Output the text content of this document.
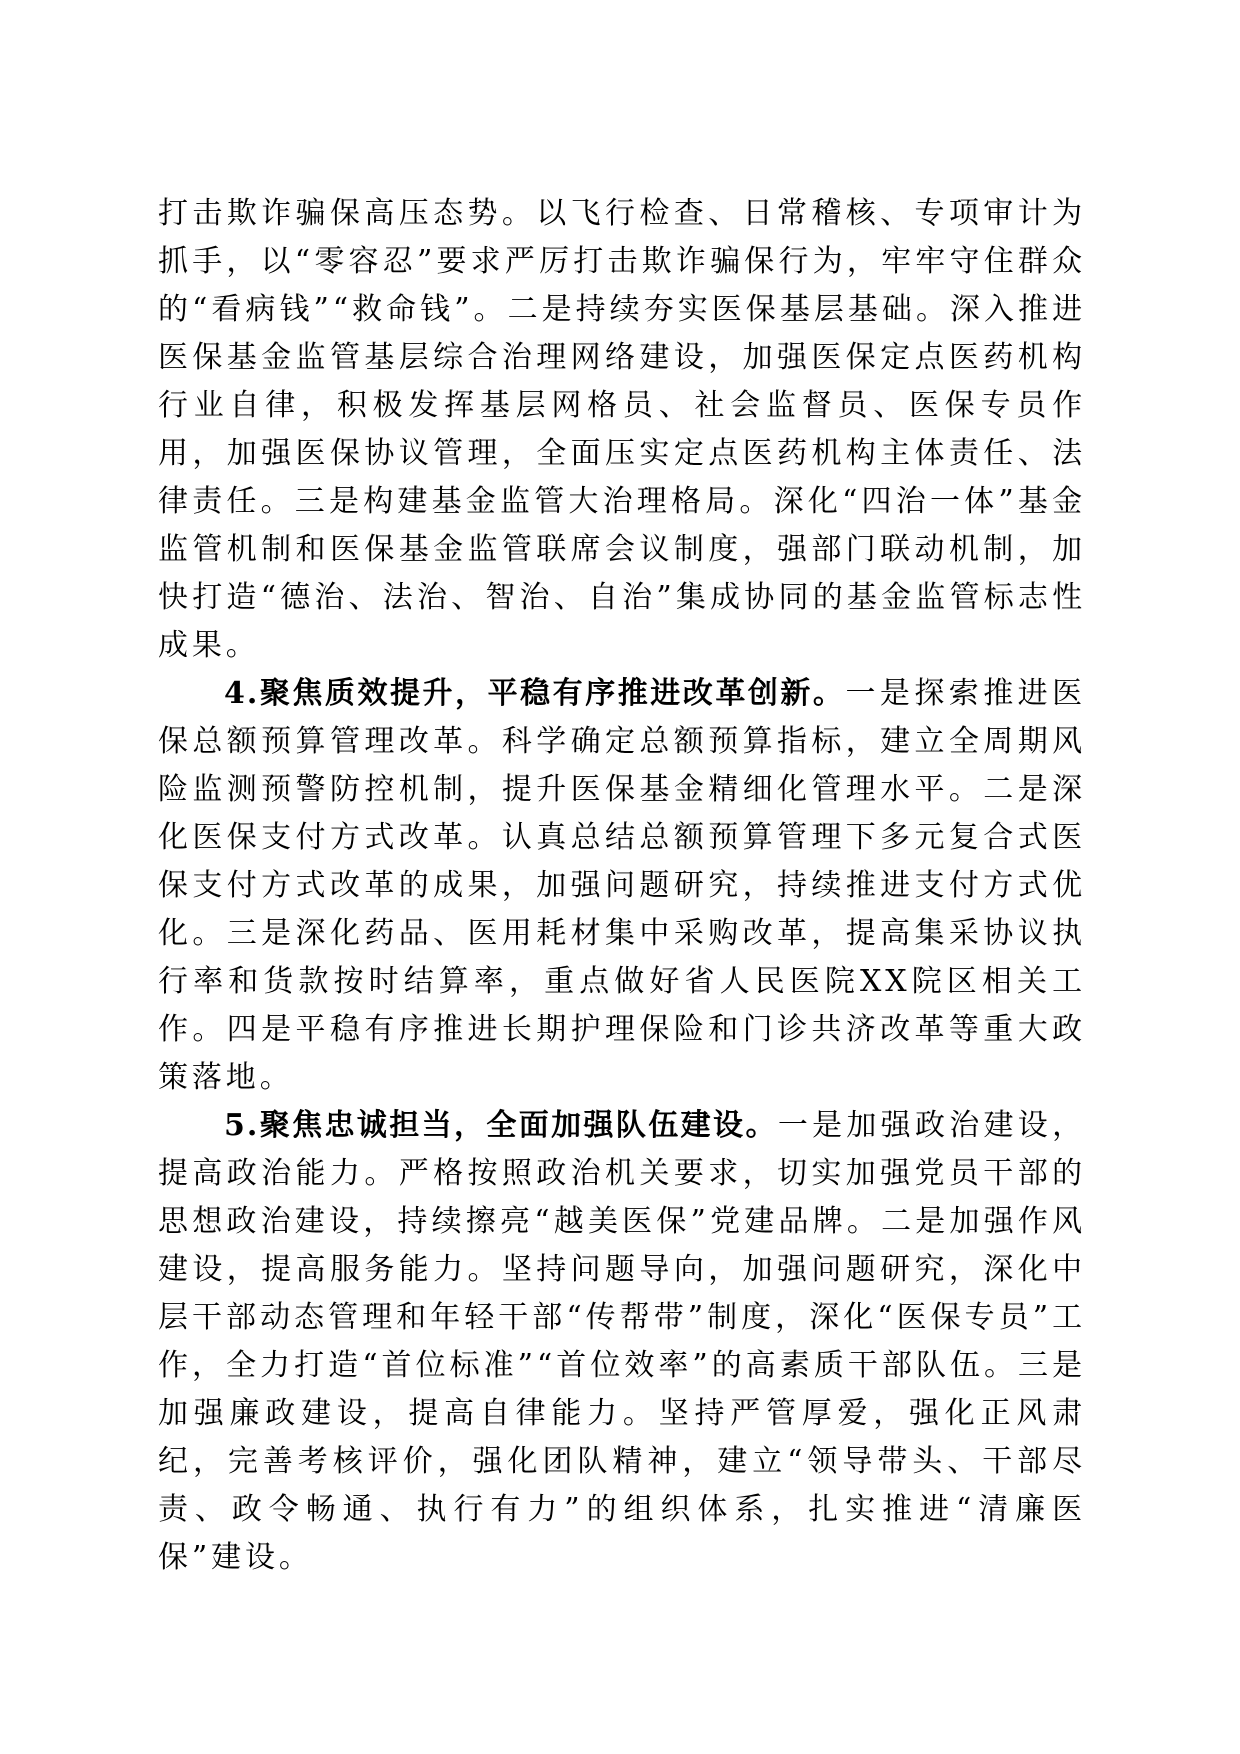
打击欺诈骗保高压态势。以飞行检查、日常稽核、专项审计为抓手，以“零容忍”要求严厉打击欺诈骗保行为，牢牢守住群众的“看病钱”“救命钱”。二是持续夯实医保基层基础。深入推进医保基金监管基层综合治理网络建设，加强医保定点医药机构行业自律，积极发挥基层网格员、社会监督员、医保专员作用，加强医保协议管理，全面压实定点医药机构主体责任、法律责任。三是构建基金监管大治理格局。深化“四治一体”基金监管机制和医保基金监管联席会议制度，强部门联动机制，加快打造“德治、法治、智治、自治”集成协同的基金监管标志性成果。

4.聚焦质效提升，平稳有序推进改革创新。一是探索推进医保总额预算管理改革。科学确定总额预算指标，建立全周期风险监测预警防控机制，提升医保基金精细化管理水平。二是深化医保支付方式改革。认真总结总额预算管理下多元复合式医保支付方式改革的成果，加强问题研究，持续推进支付方式优化。三是深化药品、医用耗材集中采购改革，提高集采协议执行率和货款按时结算率，重点做好省人民医院XX院区相关工作。四是平稳有序推进长期护理保险和门诊共济改革等重大政策落地。

5.聚焦忠诚担当，全面加强队伍建设。一是加强政治建设，提高政治能力。严格按照政治机关要求，切实加强党员干部的思想政治建设，持续擦亮“越美医保”党建品牌。二是加强作风建设，提高服务能力。坚持问题导向，加强问题研究，深化中层干部动态管理和年轻干部“传帮带”制度，深化“医保专员”工作，全力打造“首位标准”“首位效率”的高素质干部队伍。三是加强廉政建设，提高自律能力。坚持严管厚爱，强化正风肃纪，完善考核评价，强化团队精神，建立“领导带头、干部尽责、政令畅通、执行有力”的组织体系，扎实推进“清廉医保”建设。
